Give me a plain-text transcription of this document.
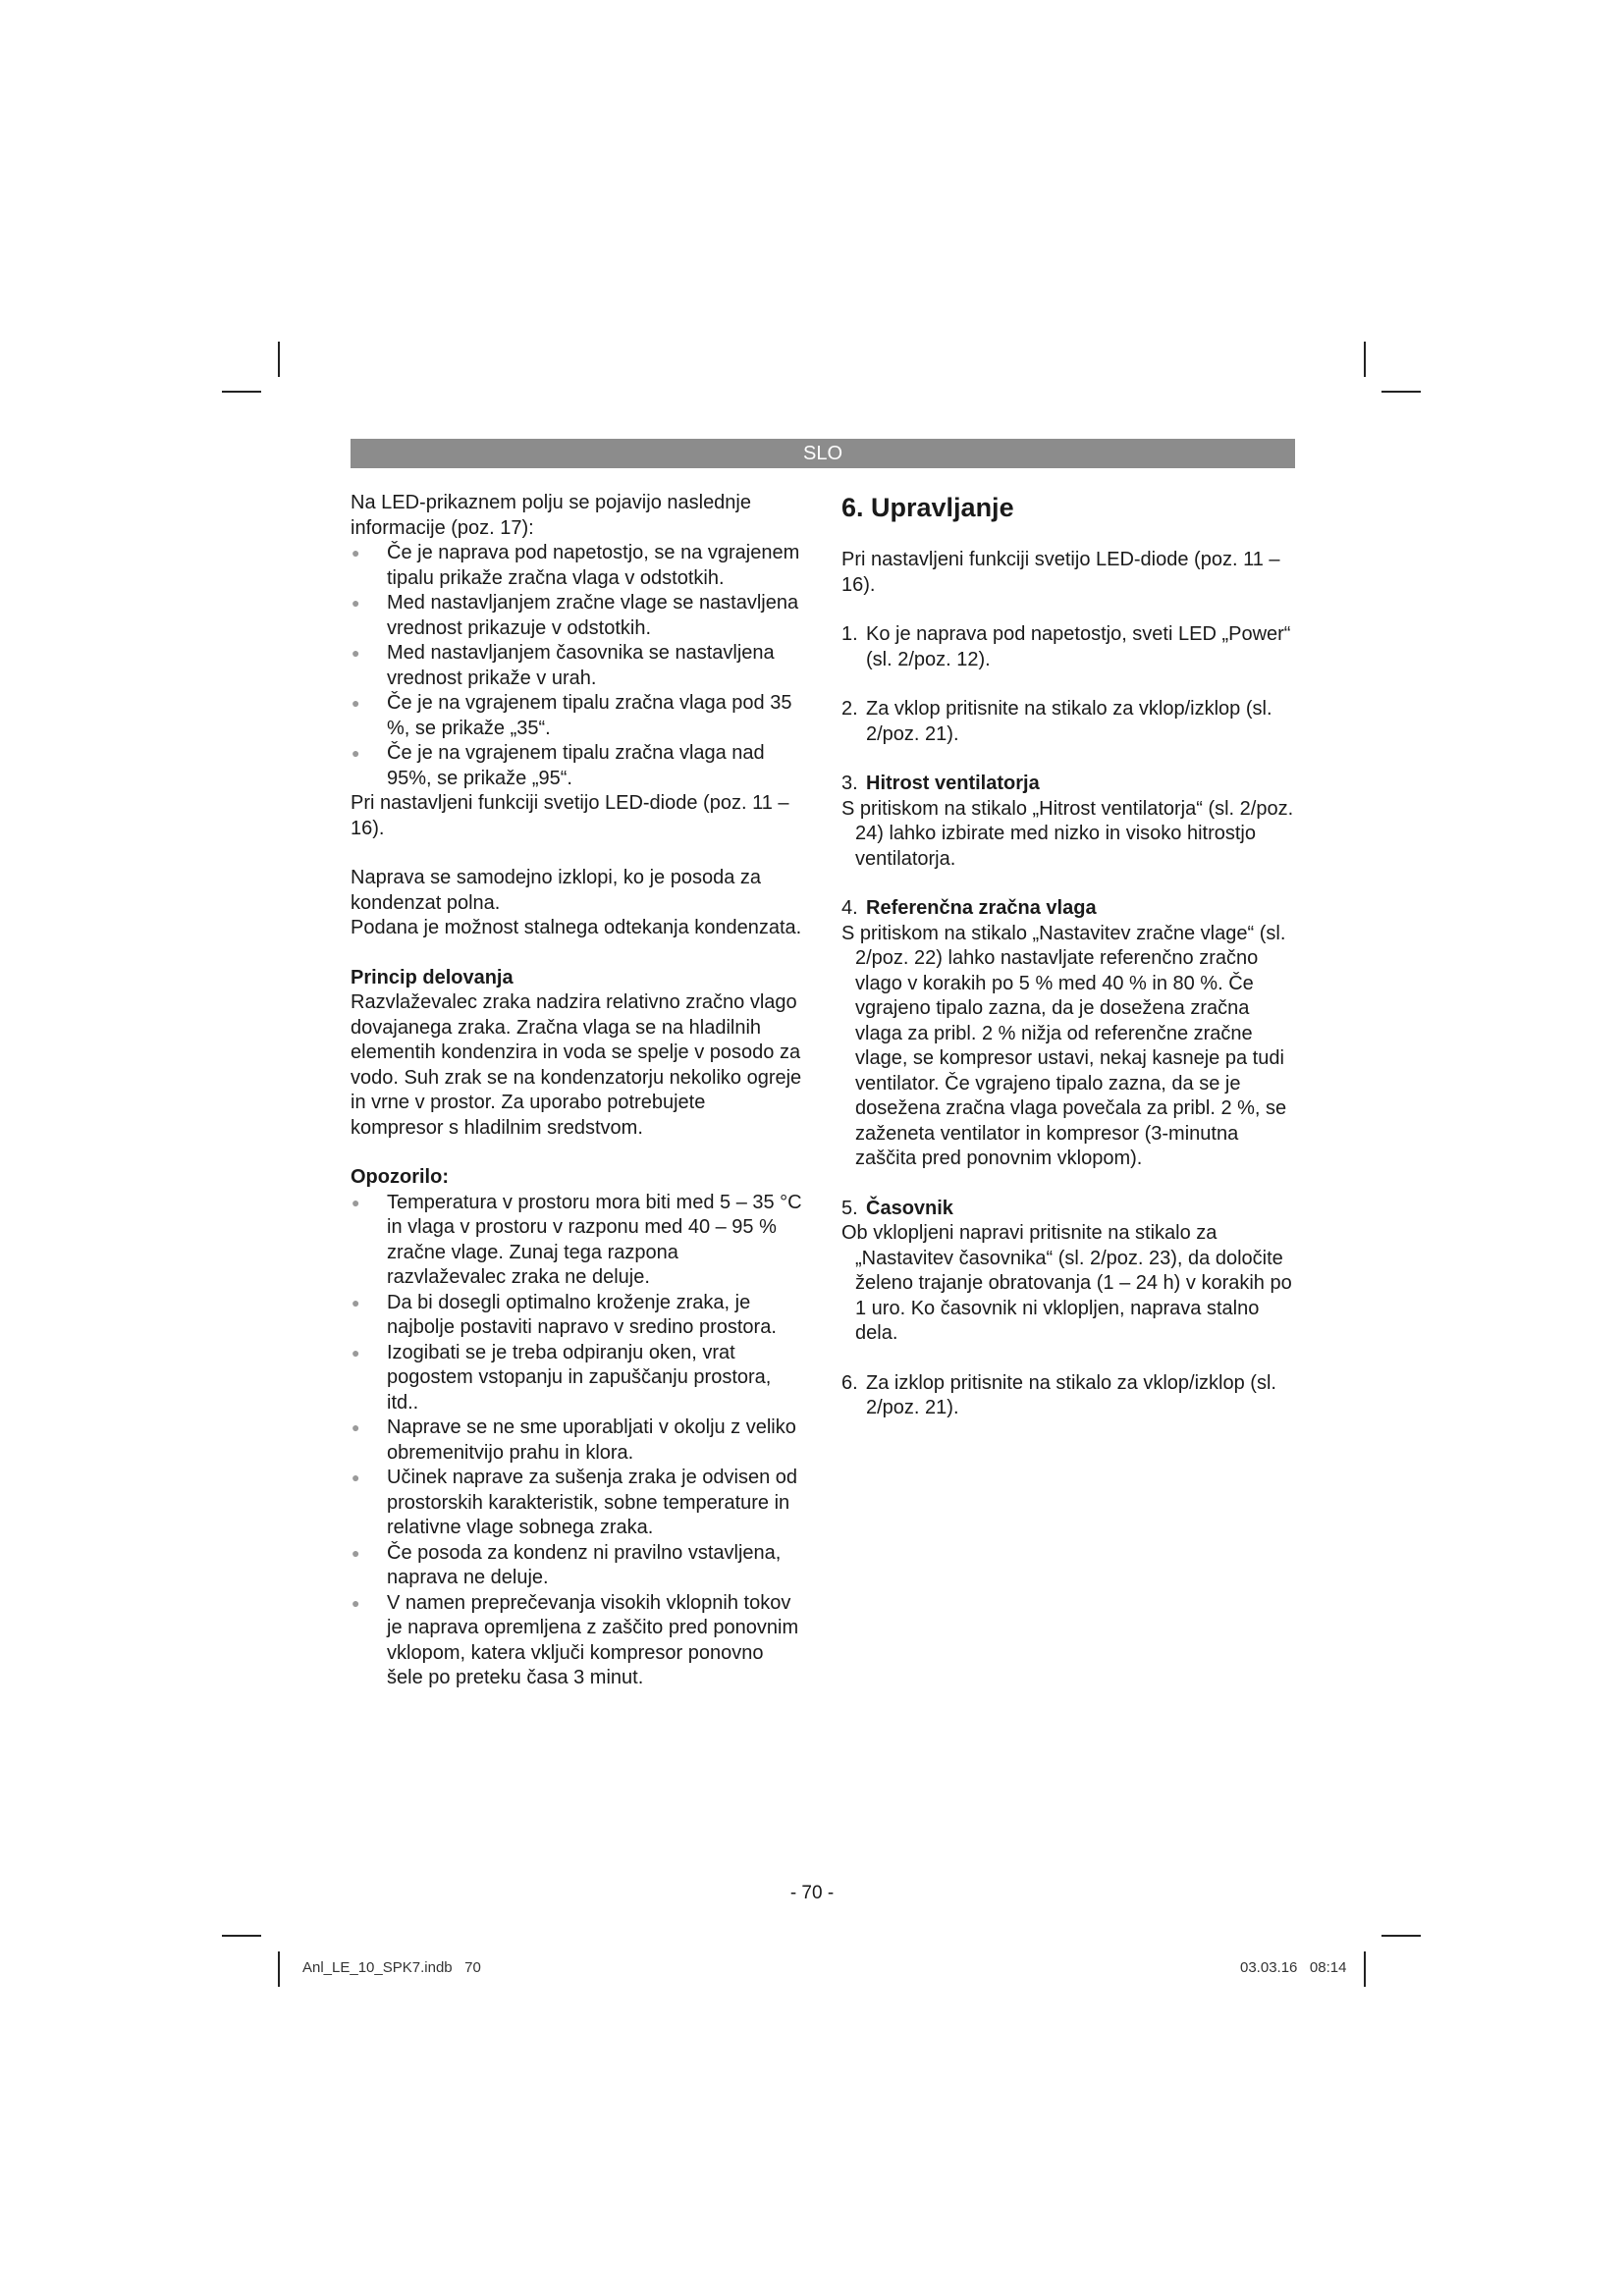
SLO

Na LED-prikaznem polju se pojavijo naslednje informacije (poz. 17):

● Če je naprava pod napetostjo, se na vgrajenem tipalu prikaže zračna vlaga v odstotkih.
● Med nastavljanjem zračne vlage se nastavljena vrednost prikazuje v odstotkih.
● Med nastavljanjem časovnika se nastavljena vrednost prikaže v urah.
● Če je na vgrajenem tipalu zračna vlaga pod 35 %, se prikaže „35“.
● Če je na vgrajenem tipalu zračna vlaga nad 95%, se prikaže „95“.

Pri nastavljeni funkciji svetijo LED-diode (poz. 11 – 16).

Naprava se samodejno izklopi, ko je posoda za kondenzat polna.

Podana je možnost stalnega odtekanja kondenzata.

Princip delovanja

Razvlaževalec zraka nadzira relativno zračno vlago dovajanega zraka. Zračna vlaga se na hladilnih elementih kondenzira in voda se spelje v posodo za vodo. Suh zrak se na kondenzatorju nekoliko ogreje in vrne v prostor. Za uporabo potrebujete kompresor s hladilnim sredstvom.

Opozorilo:

● Temperatura v prostoru mora biti med 5 – 35 °C in vlaga v prostoru v razponu med 40 – 95 % zračne vlage. Zunaj tega razpona razvlaževalec zraka ne deluje.
● Da bi dosegli optimalno kroženje zraka, je najbolje postaviti napravo v sredino prostora.
● Izogibati se je treba odpiranju oken, vrat pogostem vstopanju in zapuščanju prostora, itd..
● Naprave se ne sme uporabljati v okolju z veliko obremenitvijo prahu in klora.
● Učinek naprave za sušenja zraka je odvisen od prostorskih karakteristik, sobne temperature in relativne vlage sobnega zraka.
● Če posoda za kondenz ni pravilno vstavljena, naprava ne deluje.
● V namen preprečevanja visokih vklopnih tokov je naprava opremljena z zaščito pred ponovnim vklopom, katera vključi kompresor ponovno šele po preteku časa 3 minut.
6. Upravljanje

Pri nastavljeni funkciji svetijo LED-diode (poz. 11 – 16).

1. Ko je naprava pod napetostjo, sveti LED „Power“ (sl. 2/poz. 12).
2. Za vklop pritisnite na stikalo za vklop/izklop (sl. 2/poz. 21).
3. Hitrost ventilatorja
S pritiskom na stikalo „Hitrost ventilatorja“ (sl. 2/poz. 24) lahko izbirate med nizko in visoko hitrostjo ventilatorja.
4. Referenčna zračna vlaga
S pritiskom na stikalo „Nastavitev zračne vlage“ (sl. 2/poz. 22) lahko nastavljate referenčno zračno vlago v korakih po 5 % med 40 % in 80 %. Če vgrajeno tipalo zazna, da je dosežena zračna vlaga za pribl. 2 % nižja od referenčne zračne vlage, se kompresor ustavi, nekaj kasneje pa tudi ventilator. Če vgrajeno tipalo zazna, da se je dosežena zračna vlaga povečala za pribl. 2 %, se zaženeta ventilator in kompresor (3-minutna zaščita pred ponovnim vklopom).
5. Časovnik
Ob vklopljeni napravi pritisnite na stikalo za „Nastavitev časovnika“ (sl. 2/poz. 23), da določite želeno trajanje obratovanja (1 – 24 h) v korakih po 1 uro. Ko časovnik ni vklopljen, naprava stalno dela.
6. Za izklop pritisnite na stikalo za vklop/izklop (sl. 2/poz. 21).
- 70 -
Anl_LE_10_SPK7.indb   70	03.03.16   08:14
